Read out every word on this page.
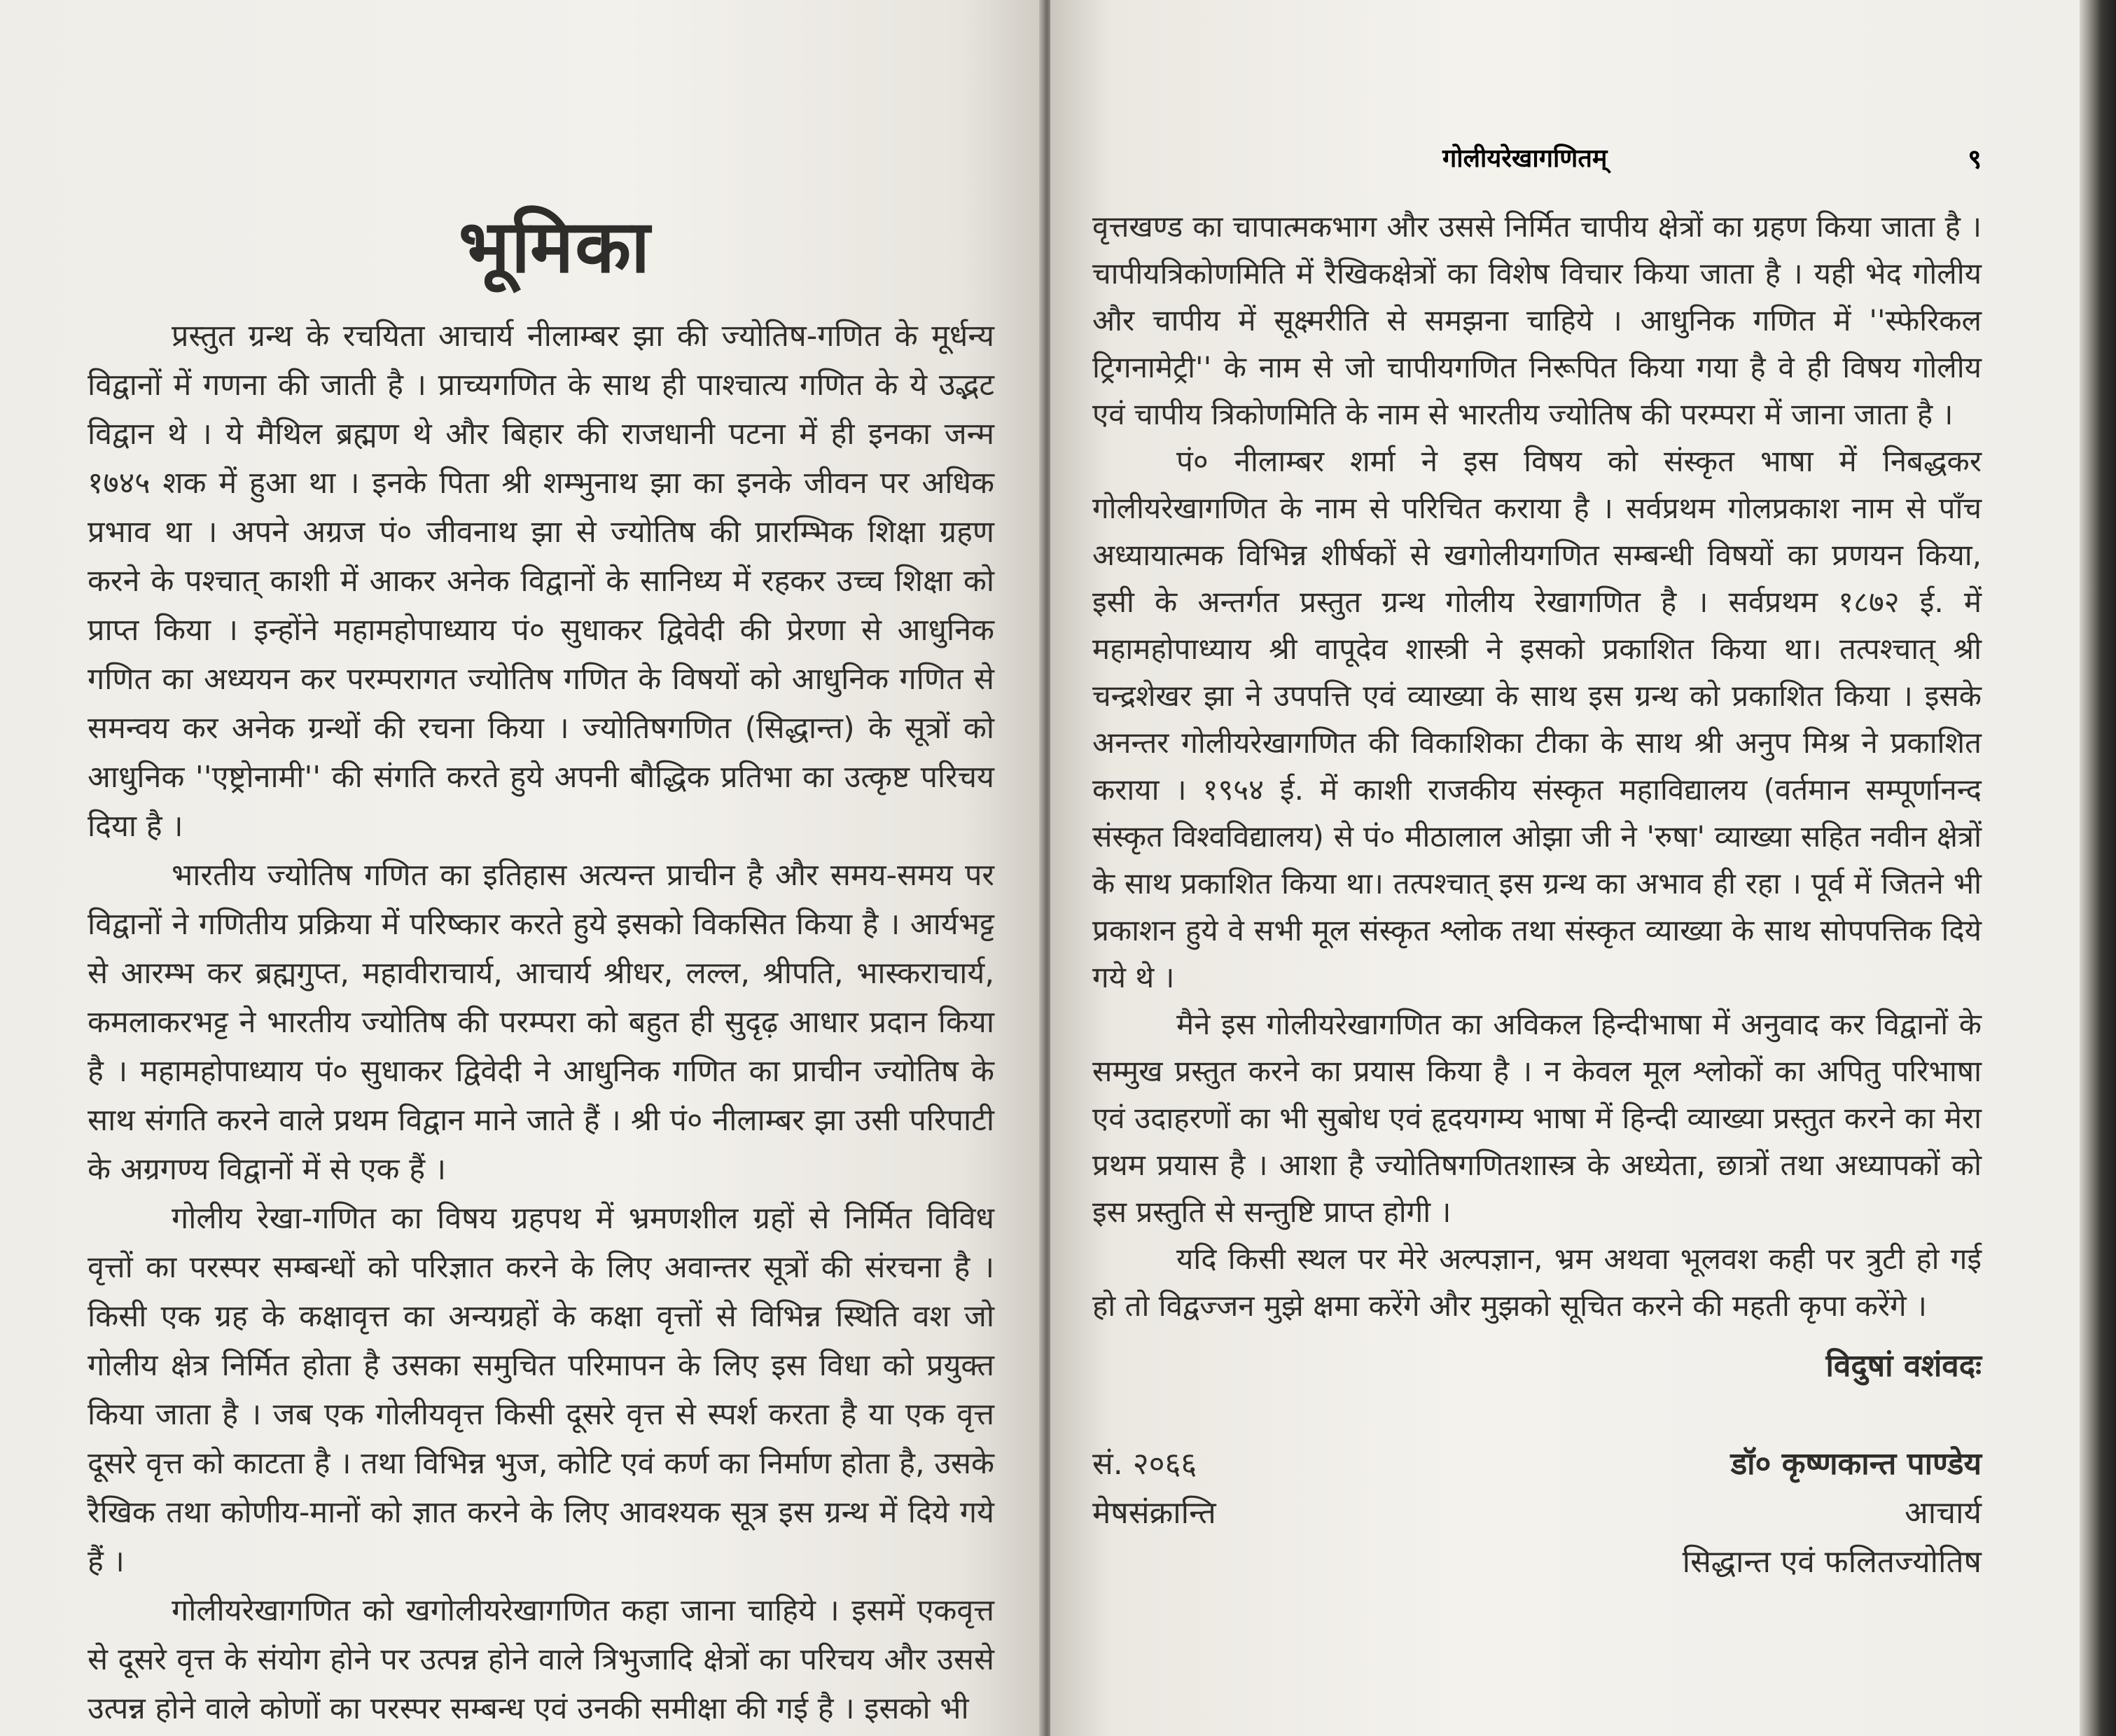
भूमिका

प्रस्तुत ग्रन्थ के रचयिता आचार्य नीलाम्बर झा की ज्योतिष-गणित के मूर्धन्य विद्वानों में गणना की जाती है । प्राच्यगणित के साथ ही पाश्चात्य गणित के ये उद्भट विद्वान थे । ये मैथिल ब्रह्मण थे और बिहार की राजधानी पटना में ही इनका जन्म १७४५ शक में हुआ था । इनके पिता श्री शम्भुनाथ झा का इनके जीवन पर अधिक प्रभाव था । अपने अग्रज पं० जीवनाथ झा से ज्योतिष की प्रारम्भिक शिक्षा ग्रहण करने के पश्चात् काशी में आकर अनेक विद्वानों के सानिध्य में रहकर उच्च शिक्षा को प्राप्त किया । इन्होंने महामहोपाध्याय पं० सुधाकर द्विवेदी की प्रेरणा से आधुनिक गणित का अध्ययन कर परम्परागत ज्योतिष गणित के विषयों को आधुनिक गणित से समन्वय कर अनेक ग्रन्थों की रचना किया । ज्योतिषगणित (सिद्धान्त) के सूत्रों को आधुनिक ''एष्ट्रोनामी'' की संगति करते हुये अपनी बौद्धिक प्रतिभा का उत्कृष्ट परिचय दिया है ।

भारतीय ज्योतिष गणित का इतिहास अत्यन्त प्राचीन है और समय-समय पर विद्वानों ने गणितीय प्रक्रिया में परिष्कार करते हुये इसको विकसित किया है । आर्यभट्ट से आरम्भ कर ब्रह्मगुप्त, महावीराचार्य, आचार्य श्रीधर, लल्ल, श्रीपति, भास्कराचार्य, कमलाकरभट्ट ने भारतीय ज्योतिष की परम्परा को बहुत ही सुदृढ़ आधार प्रदान किया है । महामहोपाध्याय पं० सुधाकर द्विवेदी ने आधुनिक गणित का प्राचीन ज्योतिष के साथ संगति करने वाले प्रथम विद्वान माने जाते हैं । श्री पं० नीलाम्बर झा उसी परिपाटी के अग्रगण्य विद्वानों में से एक हैं ।

गोलीय रेखा-गणित का विषय ग्रहपथ में भ्रमणशील ग्रहों से निर्मित विविध वृत्तों का परस्पर सम्बन्धों को परिज्ञात करने के लिए अवान्तर सूत्रों की संरचना है । किसी एक ग्रह के कक्षावृत्त का अन्यग्रहों के कक्षा वृत्तों से विभिन्न स्थिति वश जो गोलीय क्षेत्र निर्मित होता है उसका समुचित परिमापन के लिए इस विधा को प्रयुक्त किया जाता है । जब एक गोलीयवृत्त किसी दूसरे वृत्त से स्पर्श करता है या एक वृत्त दूसरे वृत्त को काटता है । तथा विभिन्न भुज, कोटि एवं कर्ण का निर्माण होता है, उसके रैखिक तथा कोणीय-मानों को ज्ञात करने के लिए आवश्यक सूत्र इस ग्रन्थ में दिये गये हैं ।

गोलीयरेखागणित को खगोलीयरेखागणित कहा जाना चाहिये । इसमें एकवृत्त से दूसरे वृत्त के संयोग होने पर उत्पन्न होने वाले त्रिभुजादि क्षेत्रों का परिचय और उससे उत्पन्न होने वाले कोणों का परस्पर सम्बन्ध एवं उनकी समीक्षा की गई है । इसको भी

वृत्तखण्ड का चापात्मकभाग और उससे निर्मित चापीय क्षेत्रों का ग्रहण किया जाता है । चापीयत्रिकोणमिति में रैखिकक्षेत्रों का विशेष विचार किया जाता है । यही भेद गोलीय और चापीय में सूक्ष्मरीति से समझना चाहिये । आधुनिक गणित में ''स्फेरिकल ट्रिगनामेट्री'' के नाम से जो चापीयगणित निरूपित किया गया है वे ही विषय गोलीय एवं चापीय त्रिकोणमिति के नाम से भारतीय ज्योतिष की परम्परा में जाना जाता है ।

पं० नीलाम्बर शर्मा ने इस विषय को संस्कृत भाषा में निबद्धकर गोलीयरेखागणित के नाम से परिचित कराया है । सर्वप्रथम गोलप्रकाश नाम से पाँच अध्यायात्मक विभिन्न शीर्षकों से खगोलीयगणित सम्बन्धी विषयों का प्रणयन किया, इसी के अन्तर्गत प्रस्तुत ग्रन्थ गोलीय रेखागणित है । सर्वप्रथम १८७२ ई. में महामहोपाध्याय श्री वापूदेव शास्त्री ने इसको प्रकाशित किया था। तत्पश्चात् श्री चन्द्रशेखर झा ने उपपत्ति एवं व्याख्या के साथ इस ग्रन्थ को प्रकाशित किया । इसके अनन्तर गोलीयरेखागणित की विकाशिका टीका के साथ श्री अनुप मिश्र ने प्रकाशित कराया । १९५४ ई. में काशी राजकीय संस्कृत महाविद्यालय (वर्तमान सम्पूर्णानन्द संस्कृत विश्वविद्यालय) से पं० मीठालाल ओझा जी ने 'रुषा' व्याख्या सहित नवीन क्षेत्रों के साथ प्रकाशित किया था। तत्पश्चात् इस ग्रन्थ का अभाव ही रहा । पूर्व में जितने भी प्रकाशन हुये वे सभी मूल संस्कृत श्लोक तथा संस्कृत व्याख्या के साथ सोपपत्तिक दिये गये थे ।

मैने इस गोलीयरेखागणित का अविकल हिन्दीभाषा में अनुवाद कर विद्वानों के सम्मुख प्रस्तुत करने का प्रयास किया है । न केवल मूल श्लोकों का अपितु परिभाषा एवं उदाहरणों का भी सुबोध एवं हृदयगम्य भाषा में हिन्दी व्याख्या प्रस्तुत करने का मेरा प्रथम प्रयास है । आशा है ज्योतिषगणितशास्त्र के अध्येता, छात्रों तथा अध्यापकों को इस प्रस्तुति से सन्तुष्टि प्राप्त होगी ।

यदि किसी स्थल पर मेरे अल्पज्ञान, भ्रम अथवा भूलवश कही पर त्रुटी हो गई हो तो विद्वज्जन मुझे क्षमा करेंगे और मुझको सूचित करने की महती कृपा करेंगे ।

विदुषां वशंवदः
सं. २०६६
मेषसंक्रान्ति
डॉ० कृष्णकान्त पाण्डेय
आचार्य
सिद्धान्त एवं फलितज्योतिष
गोलीयरेखागणितम्	९
